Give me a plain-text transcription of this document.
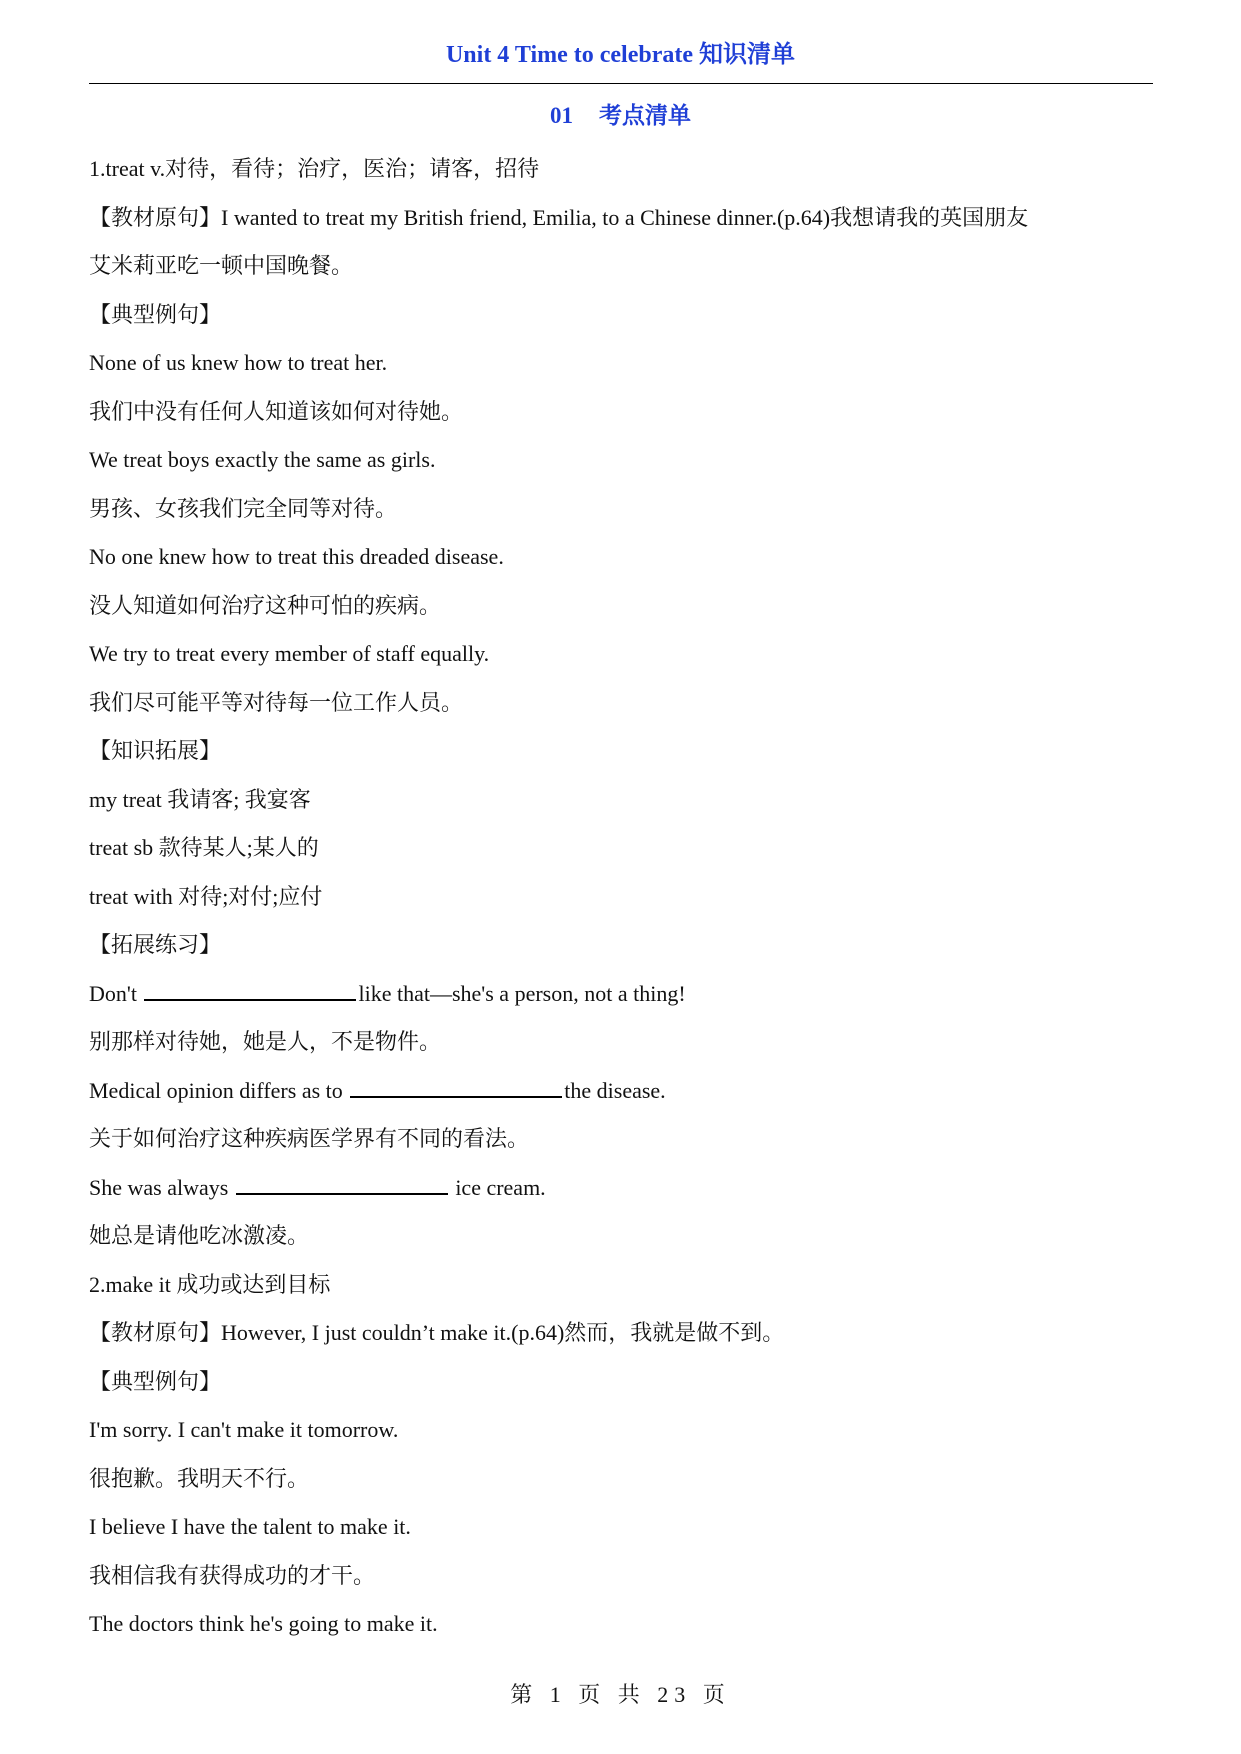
Unit 4 Time to celebrate 知识清单
01 考点清单
1.treat v.对待，看待；治疗，医治；请客，招待
【教材原句】I wanted to treat my British friend, Emilia, to a Chinese dinner.(p.64)我想请我的英国朋友
艾米莉亚吃一顿中国晚餐。
【典型例句】
None of us knew how to treat her.
我们中没有任何人知道该如何对待她。
We treat boys exactly the same as girls.
男孩、女孩我们完全同等对待。
No one knew how to treat this dreaded disease.
没人知道如何治疗这种可怕的疾病。
We try to treat every member of staff equally.
我们尽可能平等对待每一位工作人员。
【知识拓展】
my treat 我请客; 我宴客
treat sb 款待某人;某人的
treat with 对待;对付;应付
【拓展练习】
Don't	like that—she's a person, not a thing!
别那样对待她，她是人，不是物件。
Medical opinion differs as to	the disease.
关于如何治疗这种疾病医学界有不同的看法。
She was always	ice cream.
她总是请他吃冰激凌。
2.make it 成功或达到目标
【教材原句】However, I just couldn’t make it.(p.64)然而，我就是做不到。
【典型例句】
I'm sorry. I can't make it tomorrow.
很抱歉。我明天不行。
I believe I have the talent to make it.
我相信我有获得成功的才干。
The doctors think he's going to make it.
第 1 页 共 23 页
